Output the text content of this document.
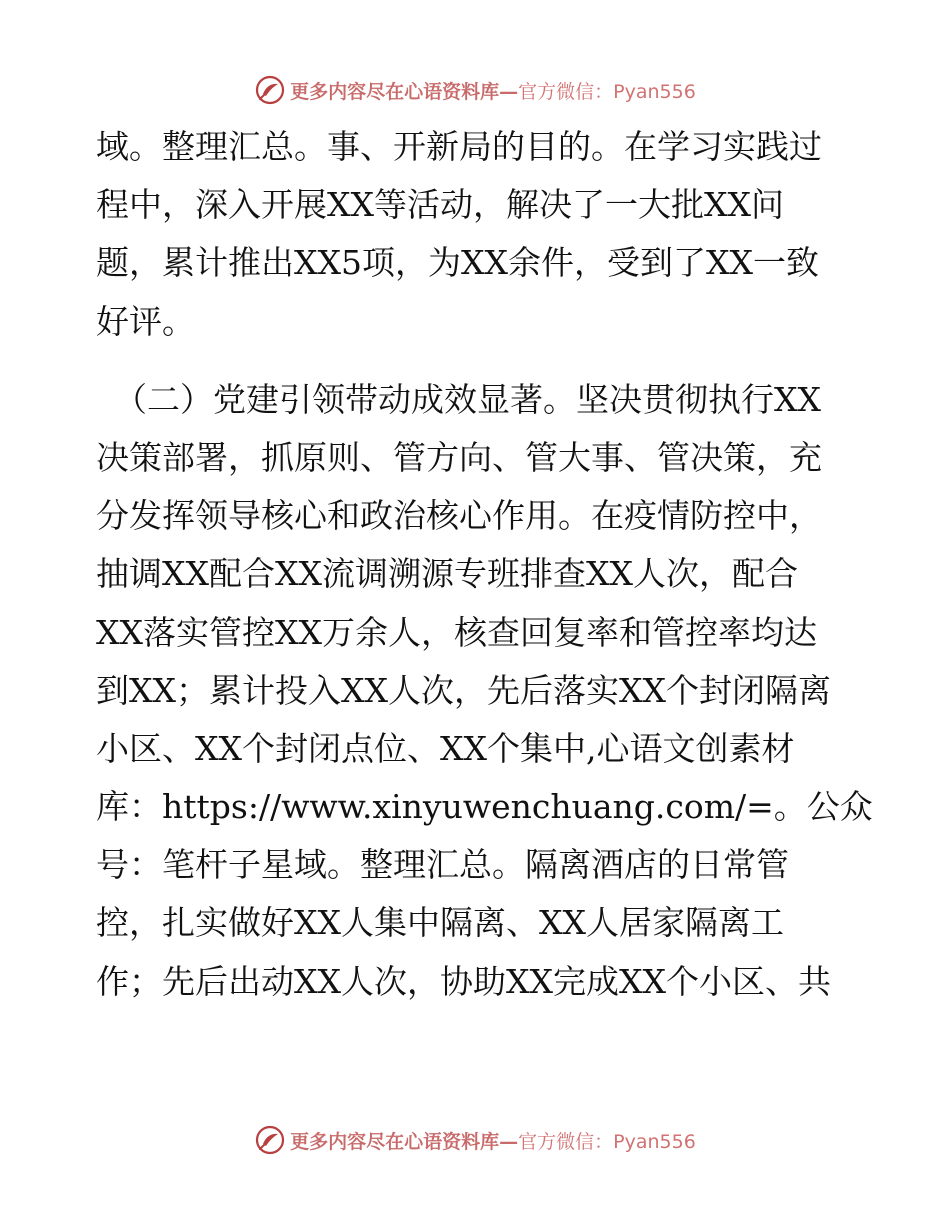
更多内容尽在心语资料库—官方微信：Pyan556
域。整理汇总。事、开新局的目的。在学习实践过
程中，深入开展XX等活动，解决了一大批XX问
题，累计推出XX5项，为XX余件，受到了XX一致
好评。
（二）党建引领带动成效显著。坚决贯彻执行XX
决策部署，抓原则、管方向、管大事、管决策，充
分发挥领导核心和政治核心作用。在疫情防控中，
抽调XX配合XX流调溯源专班排查XX人次，配合
XX落实管控XX万余人，核查回复率和管控率均达
到XX；累计投入XX人次，先后落实XX个封闭隔离
小区、XX个封闭点位、XX个集中,心语文创素材
库：https://www.xinyuwenchuang.com/=。公众
号：笔杆子星域。整理汇总。隔离酒店的日常管
控，扎实做好XX人集中隔离、XX人居家隔离工
作；先后出动XX人次，协助XX完成XX个小区、共
更多内容尽在心语资料库—官方微信：Pyan556
